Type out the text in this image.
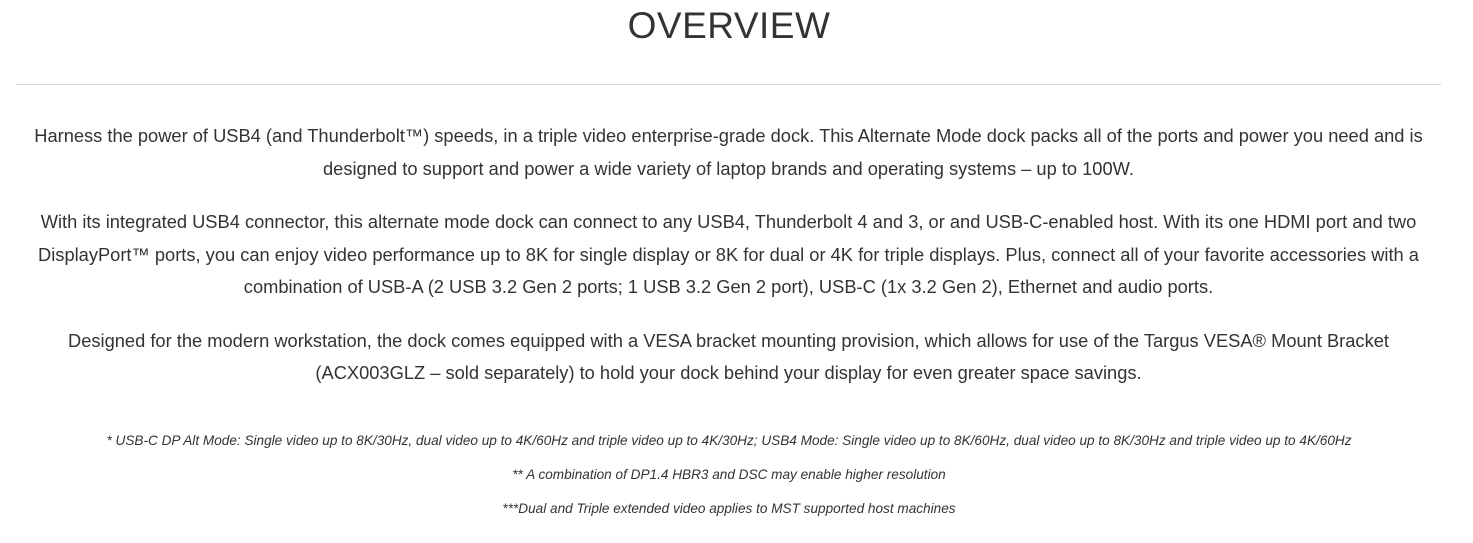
OVERVIEW

Harness the power of USB4 (and Thunderbolt™) speeds, in a triple video enterprise-grade dock. This Alternate Mode dock packs all of the ports and power you need and is designed to support and power a wide variety of laptop brands and operating systems – up to 100W.

With its integrated USB4 connector, this alternate mode dock can connect to any USB4, Thunderbolt 4 and 3, or and USB-C-enabled host. With its one HDMI port and two DisplayPort™ ports, you can enjoy video performance up to 8K for single display or 8K for dual or 4K for triple displays. Plus, connect all of your favorite accessories with a combination of USB-A (2 USB 3.2 Gen 2 ports; 1 USB 3.2 Gen 2 port), USB-C (1x 3.2 Gen 2), Ethernet and audio ports.

Designed for the modern workstation, the dock comes equipped with a VESA bracket mounting provision, which allows for use of the Targus VESA® Mount Bracket (ACX003GLZ – sold separately) to hold your dock behind your display for even greater space savings.

* USB-C DP Alt Mode: Single video up to 8K/30Hz, dual video up to 4K/60Hz and triple video up to 4K/30Hz; USB4 Mode: Single video up to 8K/60Hz, dual video up to 8K/30Hz and triple video up to 4K/60Hz

** A combination of DP1.4 HBR3 and DSC may enable higher resolution

***Dual and Triple extended video applies to MST supported host machines
